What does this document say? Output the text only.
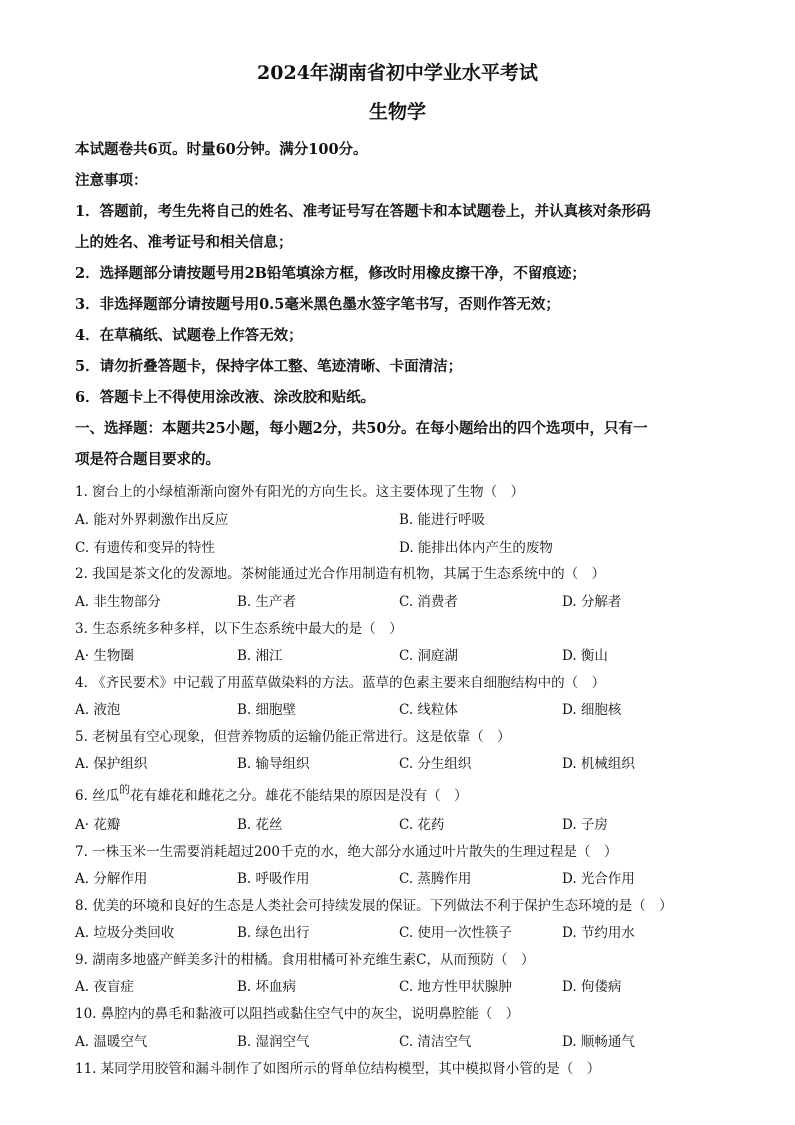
2024年湖南省初中学业水平考试
生物学
本试题卷共6页。时量60分钟。满分100分。
注意事项：
1．答题前，考生先将自己的姓名、准考证号写在答题卡和本试题卷上，并认真核对条形码
上的姓名、准考证号和相关信息；
2．选择题部分请按题号用2B铅笔填涂方框，修改时用橡皮擦干净，不留痕迹；
3．非选择题部分请按题号用0.5毫米黑色墨水签字笔书写，否则作答无效；
4．在草稿纸、试题卷上作答无效；
5．请勿折叠答题卡，保持字体工整、笔迹清晰、卡面清洁；
6．答题卡上不得使用涂改液、涂改胶和贴纸。
一、选择题：本题共25小题，每小题2分，共50分。在每小题给出的四个选项中，只有一
项是符合题目要求的。
1. 窗台上的小绿植渐渐向窗外有阳光的方向生长。这主要体现了生物（　）
A. 能对外界刺激作出反应	B. 能进行呼吸
C. 有遗传和变异的特性	D. 能排出体内产生的废物
2. 我国是茶文化的发源地。茶树能通过光合作用制造有机物，其属于生态系统中的（　）
A. 非生物部分	B. 生产者	C. 消费者	D. 分解者
3. 生态系统多种多样，以下生态系统中最大的是（　）
A· 生物圈	B. 湘江	C. 洞庭湖	D. 衡山
4. 《齐民要术》中记载了用蓝草做染料的方法。蓝草的色素主要来自细胞结构中的（　）
A. 液泡	B. 细胞壁	C. 线粒体	D. 细胞核
5. 老树虽有空心现象，但营养物质的运输仍能正常进行。这是依靠（　）
A. 保护组织	B. 输导组织	C. 分生组织	D. 机械组织
6. 丝瓜$^的$花有雄花和雌花之分。雄花不能结果的原因是没有（　）
A· 花瓣	B. 花丝	C. 花药	D. 子房
7. 一株玉米一生需要消耗超过200千克的水，绝大部分水通过叶片散失的生理过程是（　）
A. 分解作用	B. 呼吸作用	C. 蒸腾作用	D. 光合作用
8. 优美的环境和良好的生态是人类社会可持续发展的保证。下列做法不利于保护生态环境的是（　）
A. 垃圾分类回收	B. 绿色出行	C. 使用一次性筷子	D. 节约用水
9. 湖南多地盛产鲜美多汁的柑橘。食用柑橘可补充维生素C，从而预防（　）
A. 夜盲症	B. 坏血病	C. 地方性甲状腺肿	D. 佝偻病
10. 鼻腔内的鼻毛和黏液可以阻挡或黏住空气中的灰尘，说明鼻腔能（　）
A. 温暖空气	B. 湿润空气	C. 清洁空气	D. 顺畅通气
11. 某同学用胶管和漏斗制作了如图所示的肾单位结构模型，其中模拟肾小管的是（　）
